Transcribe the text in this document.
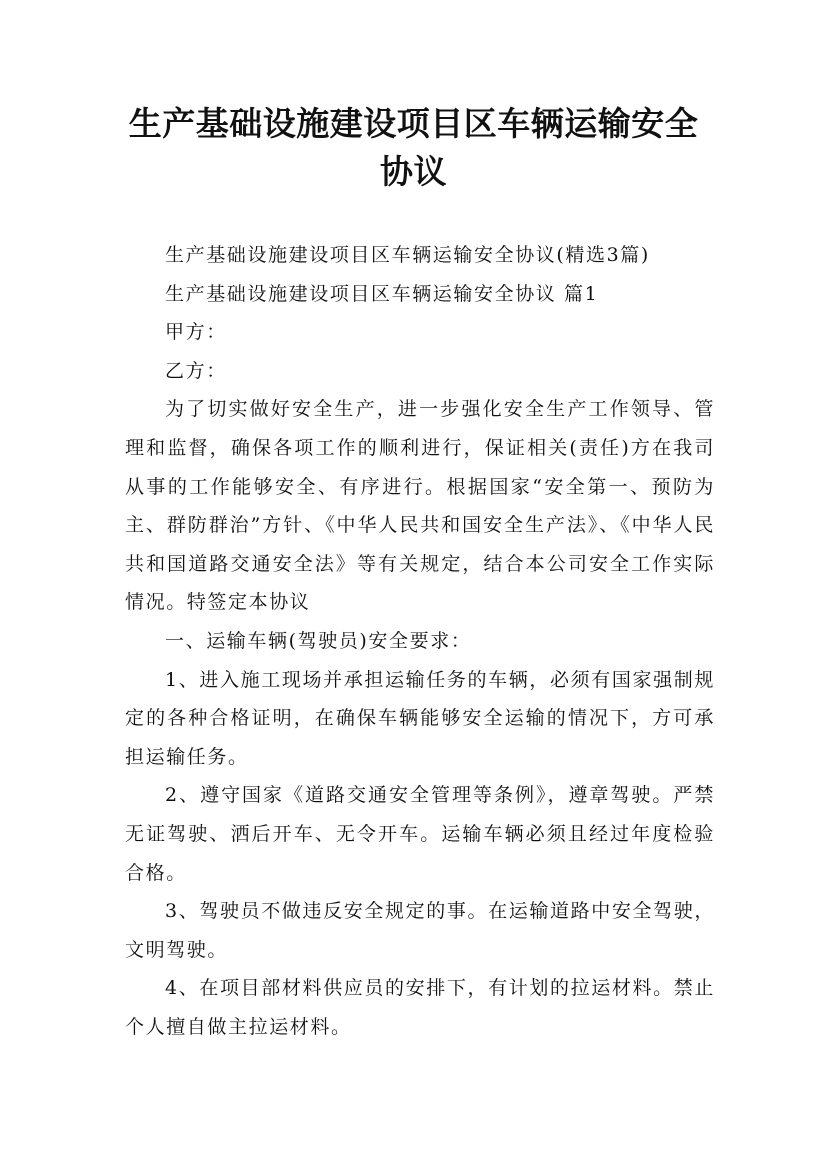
生产基础设施建设项目区车辆运输安全协议

生产基础设施建设项目区车辆运输安全协议(精选3篇)

生产基础设施建设项目区车辆运输安全协议 篇1

甲方：

乙方：

为了切实做好安全生产，进一步强化安全生产工作领导、管理和监督，确保各项工作的顺利进行，保证相关(责任)方在我司从事的工作能够安全、有序进行。根据国家“安全第一、预防为主、群防群治”方针、《中华人民共和国安全生产法》、《中华人民共和国道路交通安全法》等有关规定，结合本公司安全工作实际情况。特签定本协议

一、运输车辆(驾驶员)安全要求：

1、进入施工现场并承担运输任务的车辆，必须有国家强制规定的各种合格证明，在确保车辆能够安全运输的情况下，方可承担运输任务。

2、遵守国家《道路交通安全管理等条例》，遵章驾驶。严禁无证驾驶、洒后开车、无令开车。运输车辆必须且经过年度检验合格。

3、驾驶员不做违反安全规定的事。在运输道路中安全驾驶，文明驾驶。

4、在项目部材料供应员的安排下，有计划的拉运材料。禁止个人擅自做主拉运材料。
